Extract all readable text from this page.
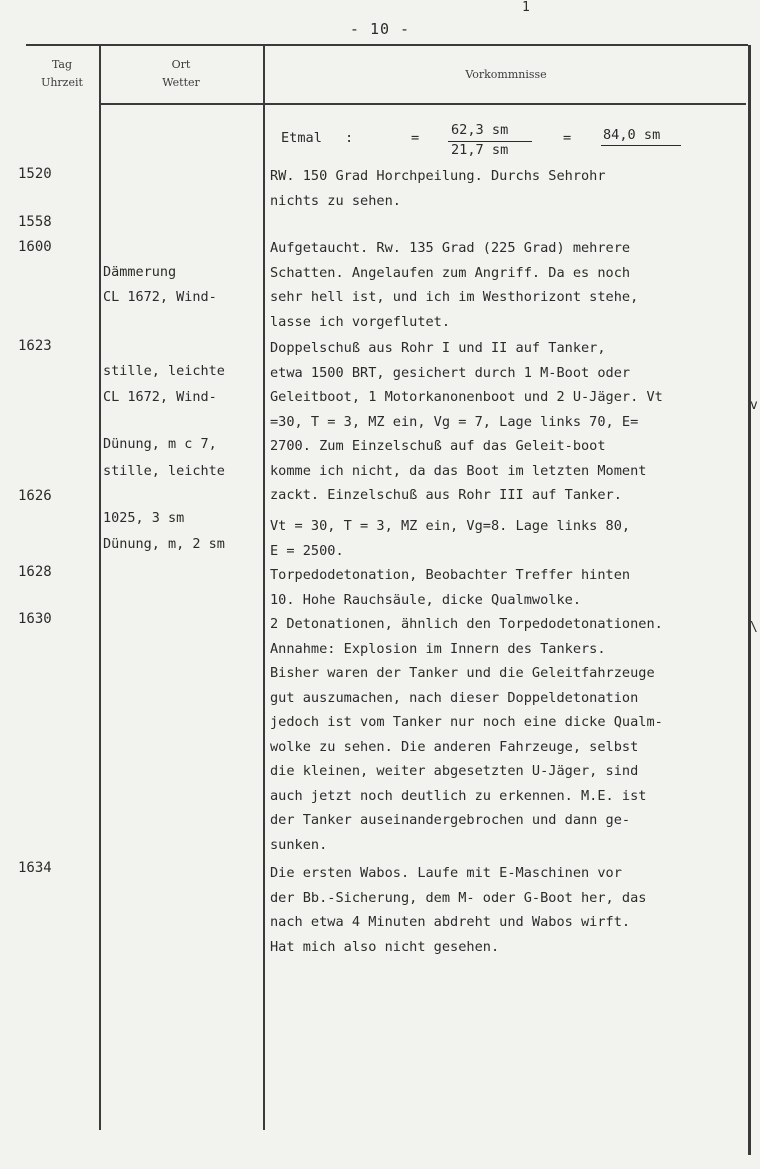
1
- 10 -
Tag
Uhrzeit
Ort
Wetter
Vorkommnisse
Etmal :	= 62,3 sm
21,7 sm
= 84,0 sm
1520
1558
1600
1623
1626
1628
1630
1634

Dämmerung

CL 1672, Wind-

stille, leichte

Dünung, m c 7,

1025, 3 sm

CL 1672, Wind-

stille, leichte

Dünung, m, 2 sm

RW. 150 Grad Horchpeilung. Durchs Sehrohr
nichts zu sehen.
Aufgetaucht. Rw. 135 Grad (225 Grad) mehrere
Schatten. Angelaufen zum Angriff. Da es noch
sehr hell ist, und ich im Westhorizont stehe,
lasse ich vorgeflutet.
Doppelschuß aus Rohr I und II auf Tanker,
etwa 1500 BRT, gesichert durch 1 M-Boot oder
Geleitboot, 1 Motorkanonenboot und 2 U-Jäger. Vt
=30, T = 3, MZ ein, Vg = 7, Lage links 70, E=
2700. Zum Einzelschuß auf das Geleit-boot
komme ich nicht, da das Boot im letzten Moment
zackt. Einzelschuß aus Rohr III auf Tanker.
Vt = 30, T = 3, MZ ein, Vg=8. Lage links 80,
E = 2500.
Torpedodetonation, Beobachter Treffer hinten
10. Hohe Rauchsäule, dicke Qualmwolke.
2 Detonationen, ähnlich den Torpedodetonationen.
Annahme: Explosion im Innern des Tankers.
Bisher waren der Tanker und die Geleitfahrzeuge
gut auszumachen, nach dieser Doppeldetonation
jedoch ist vom Tanker nur noch eine dicke Qualm-
wolke zu sehen. Die anderen Fahrzeuge, selbst
die kleinen, weiter abgesetzten U-Jäger, sind
auch jetzt noch deutlich zu erkennen. M.E. ist
der Tanker auseinandergebrochen und dann ge-
sunken.
Die ersten Wabos. Laufe mit E-Maschinen vor
der Bb.-Sicherung, dem M- oder G-Boot her, das
nach etwa 4 Minuten abdreht und Wabos wirft.
Hat mich also nicht gesehen.
v
\
